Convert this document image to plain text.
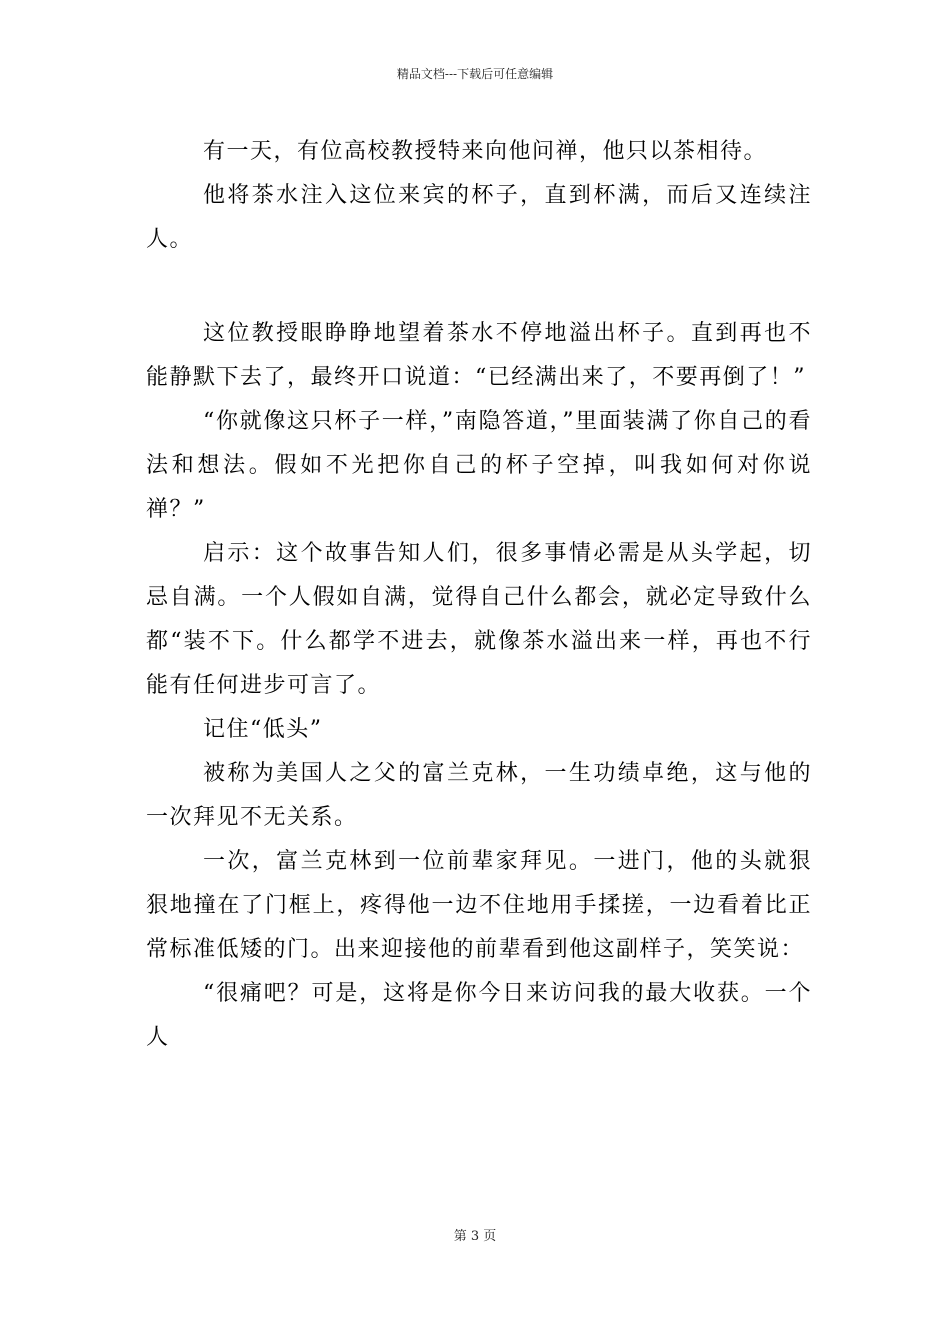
精品文档---下载后可任意编辑

有一天，有位高校教授特来向他问禅，他只以茶相待。

他将茶水注入这位来宾的杯子，直到杯满，而后又连续注人。

这位教授眼睁睁地望着茶水不停地溢出杯子。直到再也不能静默下去了，最终开口说道：“已经满出来了，不要再倒了！”

“你就像这只杯子一样，”南隐答道，”里面装满了你自己的看法和想法。假如不光把你自己的杯子空掉，叫我如何对你说禅？”

启示：这个故事告知人们，很多事情必需是从头学起，切忌自满。一个人假如自满，觉得自己什么都会，就必定导致什么都“装不下。什么都学不进去，就像茶水溢出来一样，再也不行能有任何进步可言了。

记住“低头”

被称为美国人之父的富兰克林，一生功绩卓绝，这与他的一次拜见不无关系。

一次，富兰克林到一位前辈家拜见。一进门，他的头就狠狠地撞在了门框上，疼得他一边不住地用手揉搓，一边看着比正常标准低矮的门。出来迎接他的前辈看到他这副样子，笑笑说：

“很痛吧？可是，这将是你今日来访问我的最大收获。一个人

第 3 页
